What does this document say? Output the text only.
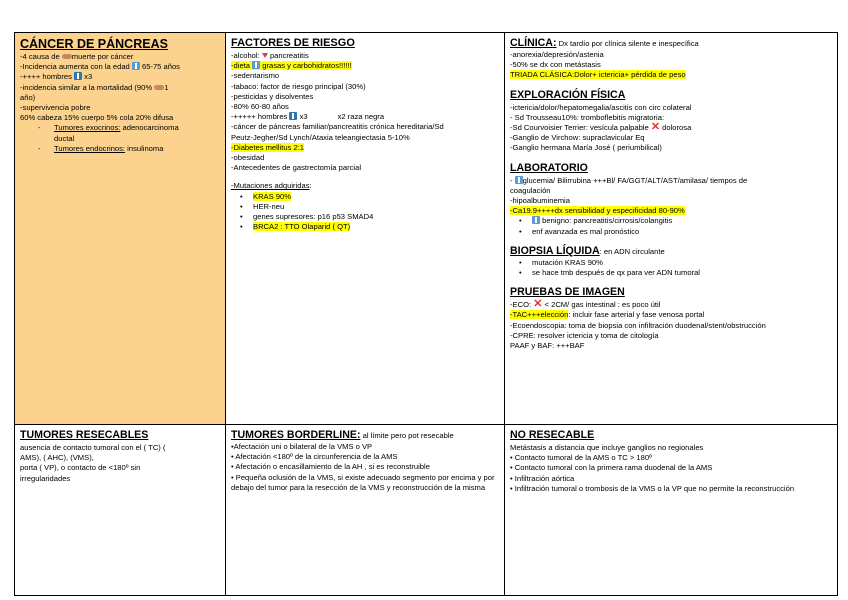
CÁNCER DE PÁNCREAS
-4 causa de muerte por cáncer
-Incidencia aumenta con la edad  65-75 años
-++++ hombres  x3
-incidencia similar a la mortalidad (90% 1
año)
-supervivencia pobre
60% cabeza 15% cuerpo 5% cola 20% difusa
- Tumores exocrinos: adenocarcinoma
ductal
- Tumores endocrinos: insulinoma
FACTORES DE RIESGO
-alcohol:  pancreatitis
-dieta  grasas y carbohidratos!!!!!!
-sedentarismo
-tabaco: factor de riesgo principal (30%)
-pesticidas y disolventes
-80% 60-80 años
-+++++ hombres  x3	x2 raza negra
-cáncer de páncreas familiar/pancreatitis crónica hereditaria/Sd
Peutz-Jegher/Sd Lynch/Ataxia teleangiectasia 5-10%
-Diabetes mellitus 2:1
-obesidad
-Antecedentes de gastrectomía parcial
-Mutaciones adquiridas:
• KRAS 90%
• HER-neu
• genes supresores: p16 p53 SMAD4
• BRCA2 : TTO Olaparid ( QT)
CLÍNICA: Dx tardío por clínica silente e inespecífica
-anorexia/depresión/astenia
-50% se dx con metástasis
TRIADA CLÁSICA:Dolor+ ictericia+ pérdida de peso
EXPLORACIÓN FÍSICA
-ictericia/dolor/hepatomegalia/ascitis con circ colateral
- Sd Trousseau10%: tromboflebitis migratoria:
-Sd Courvoisier Terrier: vesícula palpable ✕ dolorosa
-Ganglio de Virchow: supraclavicular Eq
-Ganglio hermana María José ( periumbilical)
LABORATORIO
- glucemia/ Bilirrubina +++Bl/ FA/GGT/ALT/AST/amilasa/ tiempos de
coagulación
-hipoalbuminemia
-Ca19.9++++dx sensibilidad y especificidad 80-90%
• benigno: pancreatitis/cirrosis/colangitis
• enf avanzada es mal pronóstico
BIOPSIA LÍQUIDA: en ADN circulante
• mutación KRAS 90%
• se hace tmb después de qx para ver ADN tumoral
PRUEBAS DE IMAGEN
-ECO: ✕ < 2CM/ gas intestinal : es poco útil
-TAC+++elección: incluir fase arterial y fase venosa portal
-Ecoendoscopia: toma de biopsia con infiltración duodenal/stent/obstrucción
-CPRE: resolver ictericia y toma de citología
PAAF y BAF: +++BAF
TUMORES RESECABLES
ausencia de contacto tumoral con el ( TC) (
AMS), ( AHC), (VMS),
porta ( VP), o contacto de <180º sin
irregularidades
TUMORES BORDERLINE: al límite pero pot resecable
•Afectación uni o bilateral de la VMS o VP
• Afectación <180º de la circunferencia de la AMS
• Afectación o encasillamiento de la AH , si es reconstruible
• Pequeña oclusión de la VMS, si existe adecuado segmento por encima y por debajo del tumor para la resección de la VMS y reconstrucción de la misma
NO RESECABLE
Metástasis a distancia que incluye ganglios no regionales
• Contacto tumoral de la AMS o TC > 180º
• Contacto tumoral con la primera rama duodenal de la AMS
• Infiltración aórtica
• Infiltración tumoral o trombosis de la VMS o la VP que no permite la reconstrucción
